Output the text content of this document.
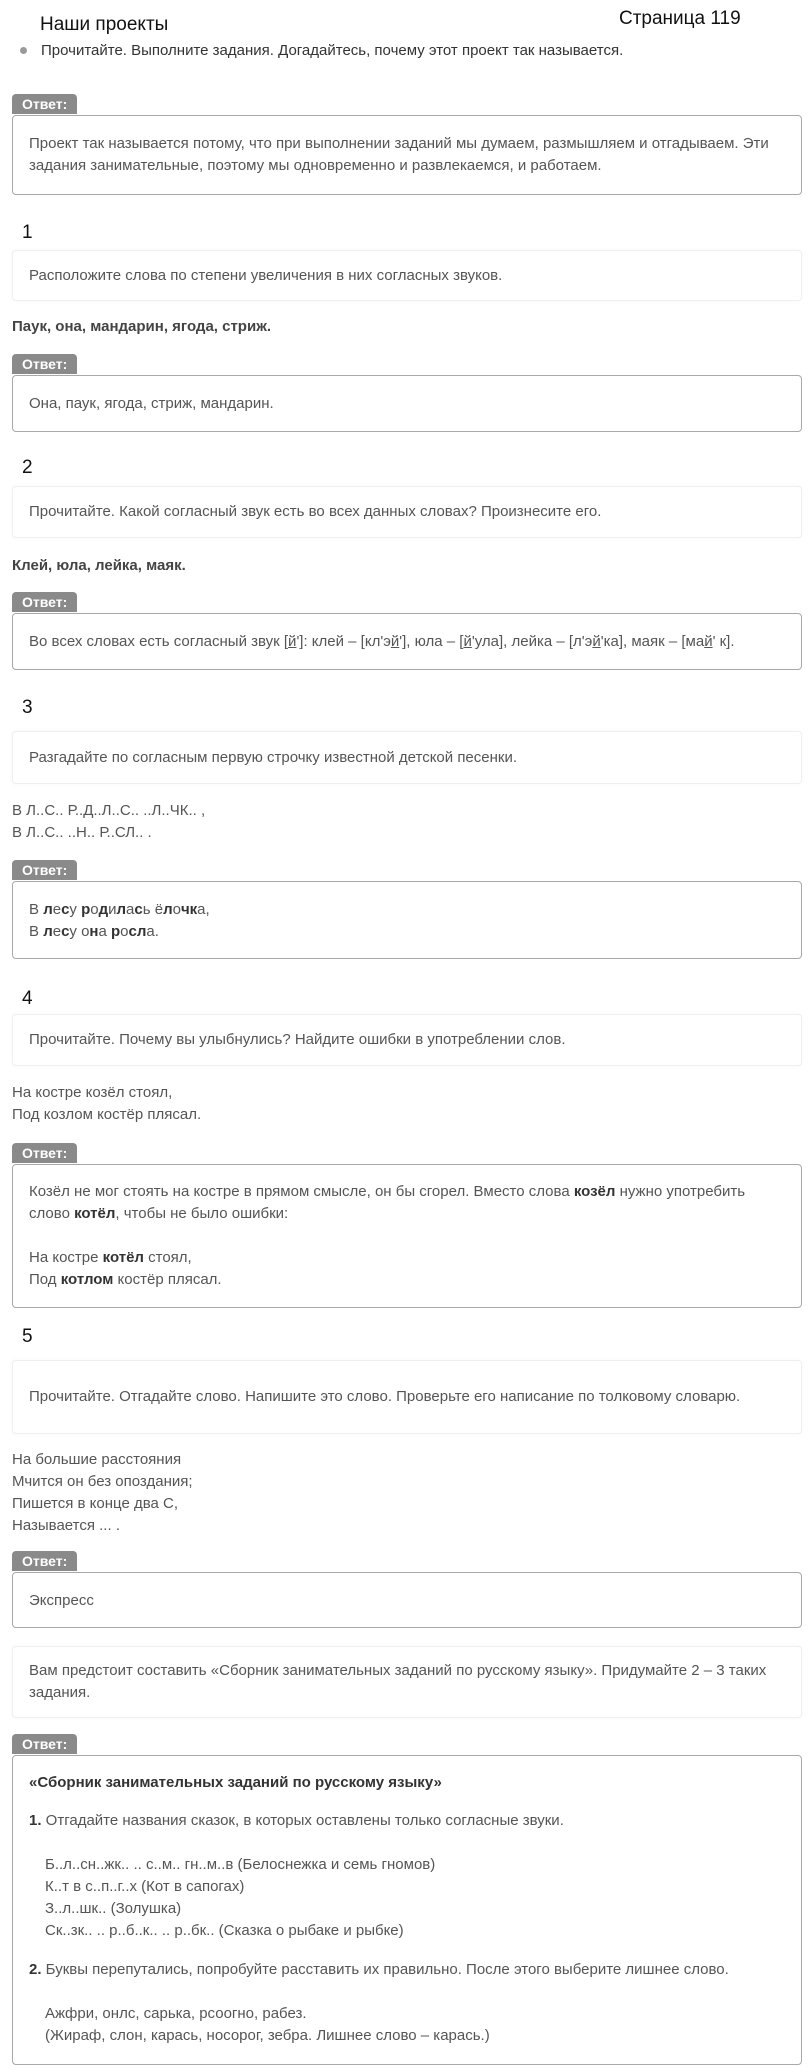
Наши проекты	Страница 119
Прочитайте. Выполните задания. Догадайтесь, почему этот проект так называется.
Ответ:
Проект так называется потому, что при выполнении заданий мы думаем, размышляем и отгадываем. Эти задания занимательные, поэтому мы одновременно и развлекаемся, и работаем.
1
Расположите слова по степени увеличения в них согласных звуков.
Паук, она, мандарин, ягода, стриж.
Ответ:
Она, паук, ягода, стриж, мандарин.
2
Прочитайте. Какой согласный звук есть во всех данных словах? Произнесите его.
Клей, юла, лейка, маяк.
Ответ:
Во всех словах есть согласный звук [й']: клей – [кл'эй'], юла – [й'ула], лейка – [л'эй'ка], маяк – [май' к].
3
Разгадайте по согласным первую строчку известной детской песенки.
В Л..С.. Р..Д..Л..С.. ..Л..ЧК.. ,
В Л..С.. ..Н.. Р..СЛ.. .
Ответ:
В лесу родилась ёлочка,
В лесу она росла.
4
Прочитайте. Почему вы улыбнулись? Найдите ошибки в употреблении слов.
На костре козёл стоял,
Под козлом костёр плясал.
Ответ:
Козёл не мог стоять на костре в прямом смысле, он бы сгорел. Вместо слова козёл нужно употребить слово котёл, чтобы не было ошибки:
На костре котёл стоял,
Под котлом костёр плясал.
5
Прочитайте. Отгадайте слово. Напишите это слово. Проверьте его написание по толковому словарю.
На большие расстояния
Мчится он без опоздания;
Пишется в конце два С,
Называется ... .
Ответ:
Экспресс
Вам предстоит составить «Сборник занимательных заданий по русскому языку». Придумайте 2 – 3 таких задания.
Ответ:
«Сборник занимательных заданий по русскому языку»
1. Отгадайте названия сказок, в которых оставлены только согласные звуки.
Б..л..сн..жк.. .. с..м.. гн..м..в (Белоснежка и семь гномов)
К..т в с..п..г..х (Кот в сапогах)
З..л..шк.. (Золушка)
Ск..зк.. .. р..б..к.. .. р..бк.. (Сказка о рыбаке и рыбке)
2. Буквы перепутались, попробуйте расставить их правильно. После этого выберите лишнее слово.
Ажфри, онлс, сарька, рсоогно, рабез.
(Жираф, слон, карась, носорог, зебра. Лишнее слово – карась.)
